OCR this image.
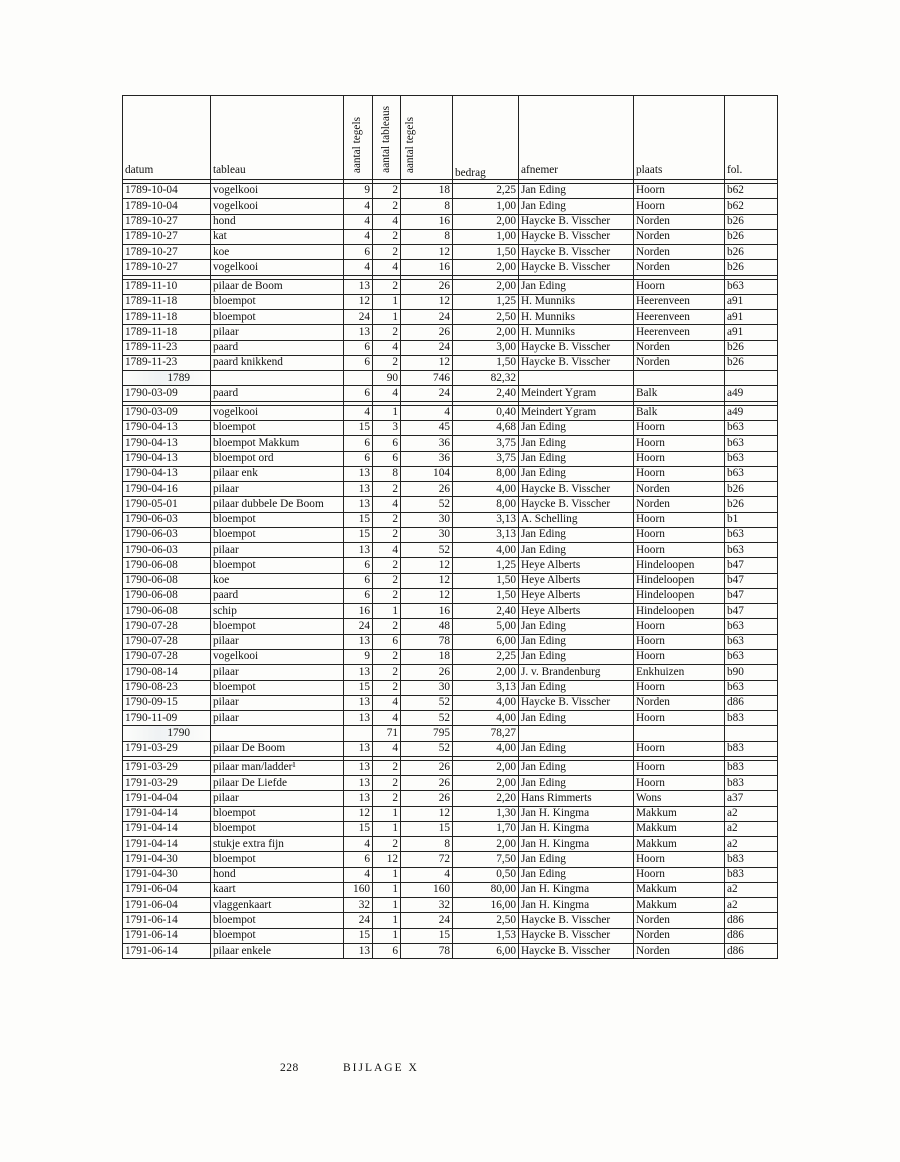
datum	tableau	aantal tegels	aantal tableaus	aantal tegels	bedrag	afnemer	plaats	fol.

1789-10-04	vogelkooi	9	2	18	2,25	Jan Eding	Hoorn	b62
1789-10-04	vogelkooi	4	2	8	1,00	Jan Eding	Hoorn	b62
1789-10-27	hond	4	4	16	2,00	Haycke B. Visscher	Norden	b26
1789-10-27	kat	4	2	8	1,00	Haycke B. Visscher	Norden	b26
1789-10-27	koe	6	2	12	1,50	Haycke B. Visscher	Norden	b26
1789-10-27	vogelkooi	4	4	16	2,00	Haycke B. Visscher	Norden	b26

1789-11-10	pilaar de Boom	13	2	26	2,00	Jan Eding	Hoorn	b63
1789-11-18	bloempot	12	1	12	1,25	H. Munniks	Heerenveen	a91
1789-11-18	bloempot	24	1	24	2,50	H. Munniks	Heerenveen	a91
1789-11-18	pilaar	13	2	26	2,00	H. Munniks	Heerenveen	a91
1789-11-23	paard	6	4	24	3,00	Haycke B. Visscher	Norden	b26
1789-11-23	paard knikkend	6	2	12	1,50	Haycke B. Visscher	Norden	b26
1789			90	746	82,32			
1790-03-09	paard	6	4	24	2,40	Meindert Ygram	Balk	a49

1790-03-09	vogelkooi	4	1	4	0,40	Meindert Ygram	Balk	a49
1790-04-13	bloempot	15	3	45	4,68	Jan Eding	Hoorn	b63
1790-04-13	bloempot Makkum	6	6	36	3,75	Jan Eding	Hoorn	b63
1790-04-13	bloempot ord	6	6	36	3,75	Jan Eding	Hoorn	b63
1790-04-13	pilaar enk	13	8	104	8,00	Jan Eding	Hoorn	b63
1790-04-16	pilaar	13	2	26	4,00	Haycke B. Visscher	Norden	b26
1790-05-01	pilaar dubbele De Boom	13	4	52	8,00	Haycke B. Visscher	Norden	b26
1790-06-03	bloempot	15	2	30	3,13	A. Schelling	Hoorn	b1
1790-06-03	bloempot	15	2	30	3,13	Jan Eding	Hoorn	b63
1790-06-03	pilaar	13	4	52	4,00	Jan Eding	Hoorn	b63
1790-06-08	bloempot	6	2	12	1,25	Heye Alberts	Hindeloopen	b47
1790-06-08	koe	6	2	12	1,50	Heye Alberts	Hindeloopen	b47
1790-06-08	paard	6	2	12	1,50	Heye Alberts	Hindeloopen	b47
1790-06-08	schip	16	1	16	2,40	Heye Alberts	Hindeloopen	b47
1790-07-28	bloempot	24	2	48	5,00	Jan Eding	Hoorn	b63
1790-07-28	pilaar	13	6	78	6,00	Jan Eding	Hoorn	b63
1790-07-28	vogelkooi	9	2	18	2,25	Jan Eding	Hoorn	b63
1790-08-14	pilaar	13	2	26	2,00	J. v. Brandenburg	Enkhuizen	b90
1790-08-23	bloempot	15	2	30	3,13	Jan Eding	Hoorn	b63
1790-09-15	pilaar	13	4	52	4,00	Haycke B. Visscher	Norden	d86
1790-11-09	pilaar	13	4	52	4,00	Jan Eding	Hoorn	b83
1790			71	795	78,27			
1791-03-29	pilaar De Boom	13	4	52	4,00	Jan Eding	Hoorn	b83

1791-03-29	pilaar man/ladder¹	13	2	26	2,00	Jan Eding	Hoorn	b83
1791-03-29	pilaar De Liefde	13	2	26	2,00	Jan Eding	Hoorn	b83
1791-04-04	pilaar	13	2	26	2,20	Hans Rimmerts	Wons	a37
1791-04-14	bloempot	12	1	12	1,30	Jan H. Kingma	Makkum	a2
1791-04-14	bloempot	15	1	15	1,70	Jan H. Kingma	Makkum	a2
1791-04-14	stukje extra fijn	4	2	8	2,00	Jan H. Kingma	Makkum	a2
1791-04-30	bloempot	6	12	72	7,50	Jan Eding	Hoorn	b83
1791-04-30	hond	4	1	4	0,50	Jan Eding	Hoorn	b83
1791-06-04	kaart	160	1	160	80,00	Jan H. Kingma	Makkum	a2
1791-06-04	vlaggenkaart	32	1	32	16,00	Jan H. Kingma	Makkum	a2
1791-06-14	bloempot	24	1	24	2,50	Haycke B. Visscher	Norden	d86
1791-06-14	bloempot	15	1	15	1,53	Haycke B. Visscher	Norden	d86
1791-06-14	pilaar enkele	13	6	78	6,00	Haycke B. Visscher	Norden	d86
228	BIJLAGE X
